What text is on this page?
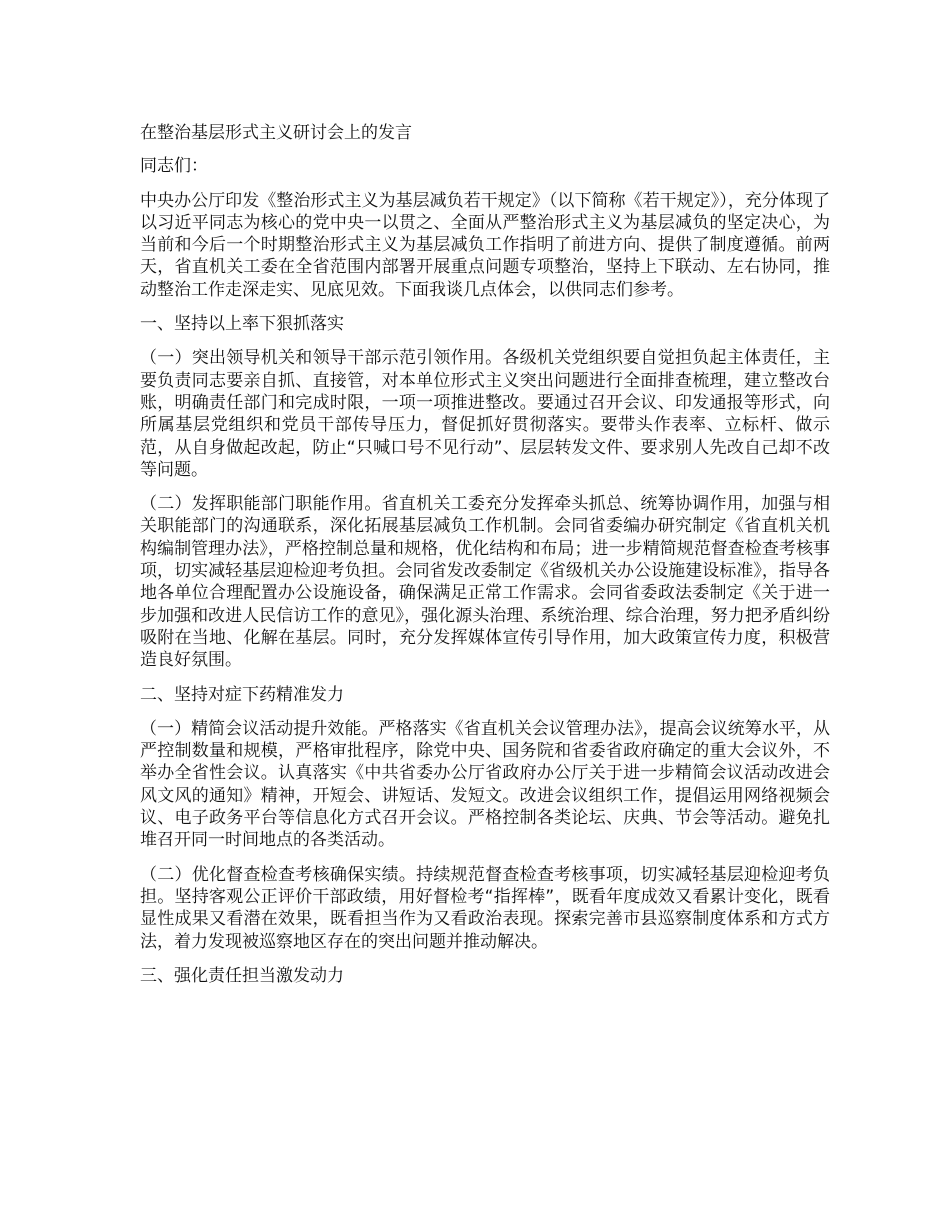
在整治基层形式主义研讨会上的发言

同志们：

中央办公厅印发《整治形式主义为基层减负若干规定》（以下简称《若干规定》），充分体现了以习近平同志为核心的党中央一以贯之、全面从严整治形式主义为基层减负的坚定决心，为当前和今后一个时期整治形式主义为基层减负工作指明了前进方向、提供了制度遵循。前两天，省直机关工委在全省范围内部署开展重点问题专项整治，坚持上下联动、左右协同，推动整治工作走深走实、见底见效。下面我谈几点体会，以供同志们参考。

一、坚持以上率下狠抓落实

（一）突出领导机关和领导干部示范引领作用。各级机关党组织要自觉担负起主体责任，主要负责同志要亲自抓、直接管，对本单位形式主义突出问题进行全面排查梳理，建立整改台账，明确责任部门和完成时限，一项一项推进整改。要通过召开会议、印发通报等形式，向所属基层党组织和党员干部传导压力，督促抓好贯彻落实。要带头作表率、立标杆、做示范，从自身做起改起，防止“只喊口号不见行动”、层层转发文件、要求别人先改自己却不改等问题。

（二）发挥职能部门职能作用。省直机关工委充分发挥牵头抓总、统筹协调作用，加强与相关职能部门的沟通联系，深化拓展基层减负工作机制。会同省委编办研究制定《省直机关机构编制管理办法》，严格控制总量和规格，优化结构和布局；进一步精简规范督查检查考核事项，切实减轻基层迎检迎考负担。会同省发改委制定《省级机关办公设施建设标准》，指导各地各单位合理配置办公设施设备，确保满足正常工作需求。会同省委政法委制定《关于进一步加强和改进人民信访工作的意见》，强化源头治理、系统治理、综合治理，努力把矛盾纠纷吸附在当地、化解在基层。同时，充分发挥媒体宣传引导作用，加大政策宣传力度，积极营造良好氛围。

二、坚持对症下药精准发力

（一）精简会议活动提升效能。严格落实《省直机关会议管理办法》，提高会议统筹水平，从严控制数量和规模，严格审批程序，除党中央、国务院和省委省政府确定的重大会议外，不举办全省性会议。认真落实《中共省委办公厅省政府办公厅关于进一步精简会议活动改进会风文风的通知》精神，开短会、讲短话、发短文。改进会议组织工作，提倡运用网络视频会议、电子政务平台等信息化方式召开会议。严格控制各类论坛、庆典、节会等活动。避免扎堆召开同一时间地点的各类活动。

（二）优化督查检查考核确保实绩。持续规范督查检查考核事项，切实减轻基层迎检迎考负担。坚持客观公正评价干部政绩，用好督检考“指挥棒”，既看年度成效又看累计变化，既看显性成果又看潜在效果，既看担当作为又看政治表现。探索完善市县巡察制度体系和方式方法，着力发现被巡察地区存在的突出问题并推动解决。

三、强化责任担当激发动力
